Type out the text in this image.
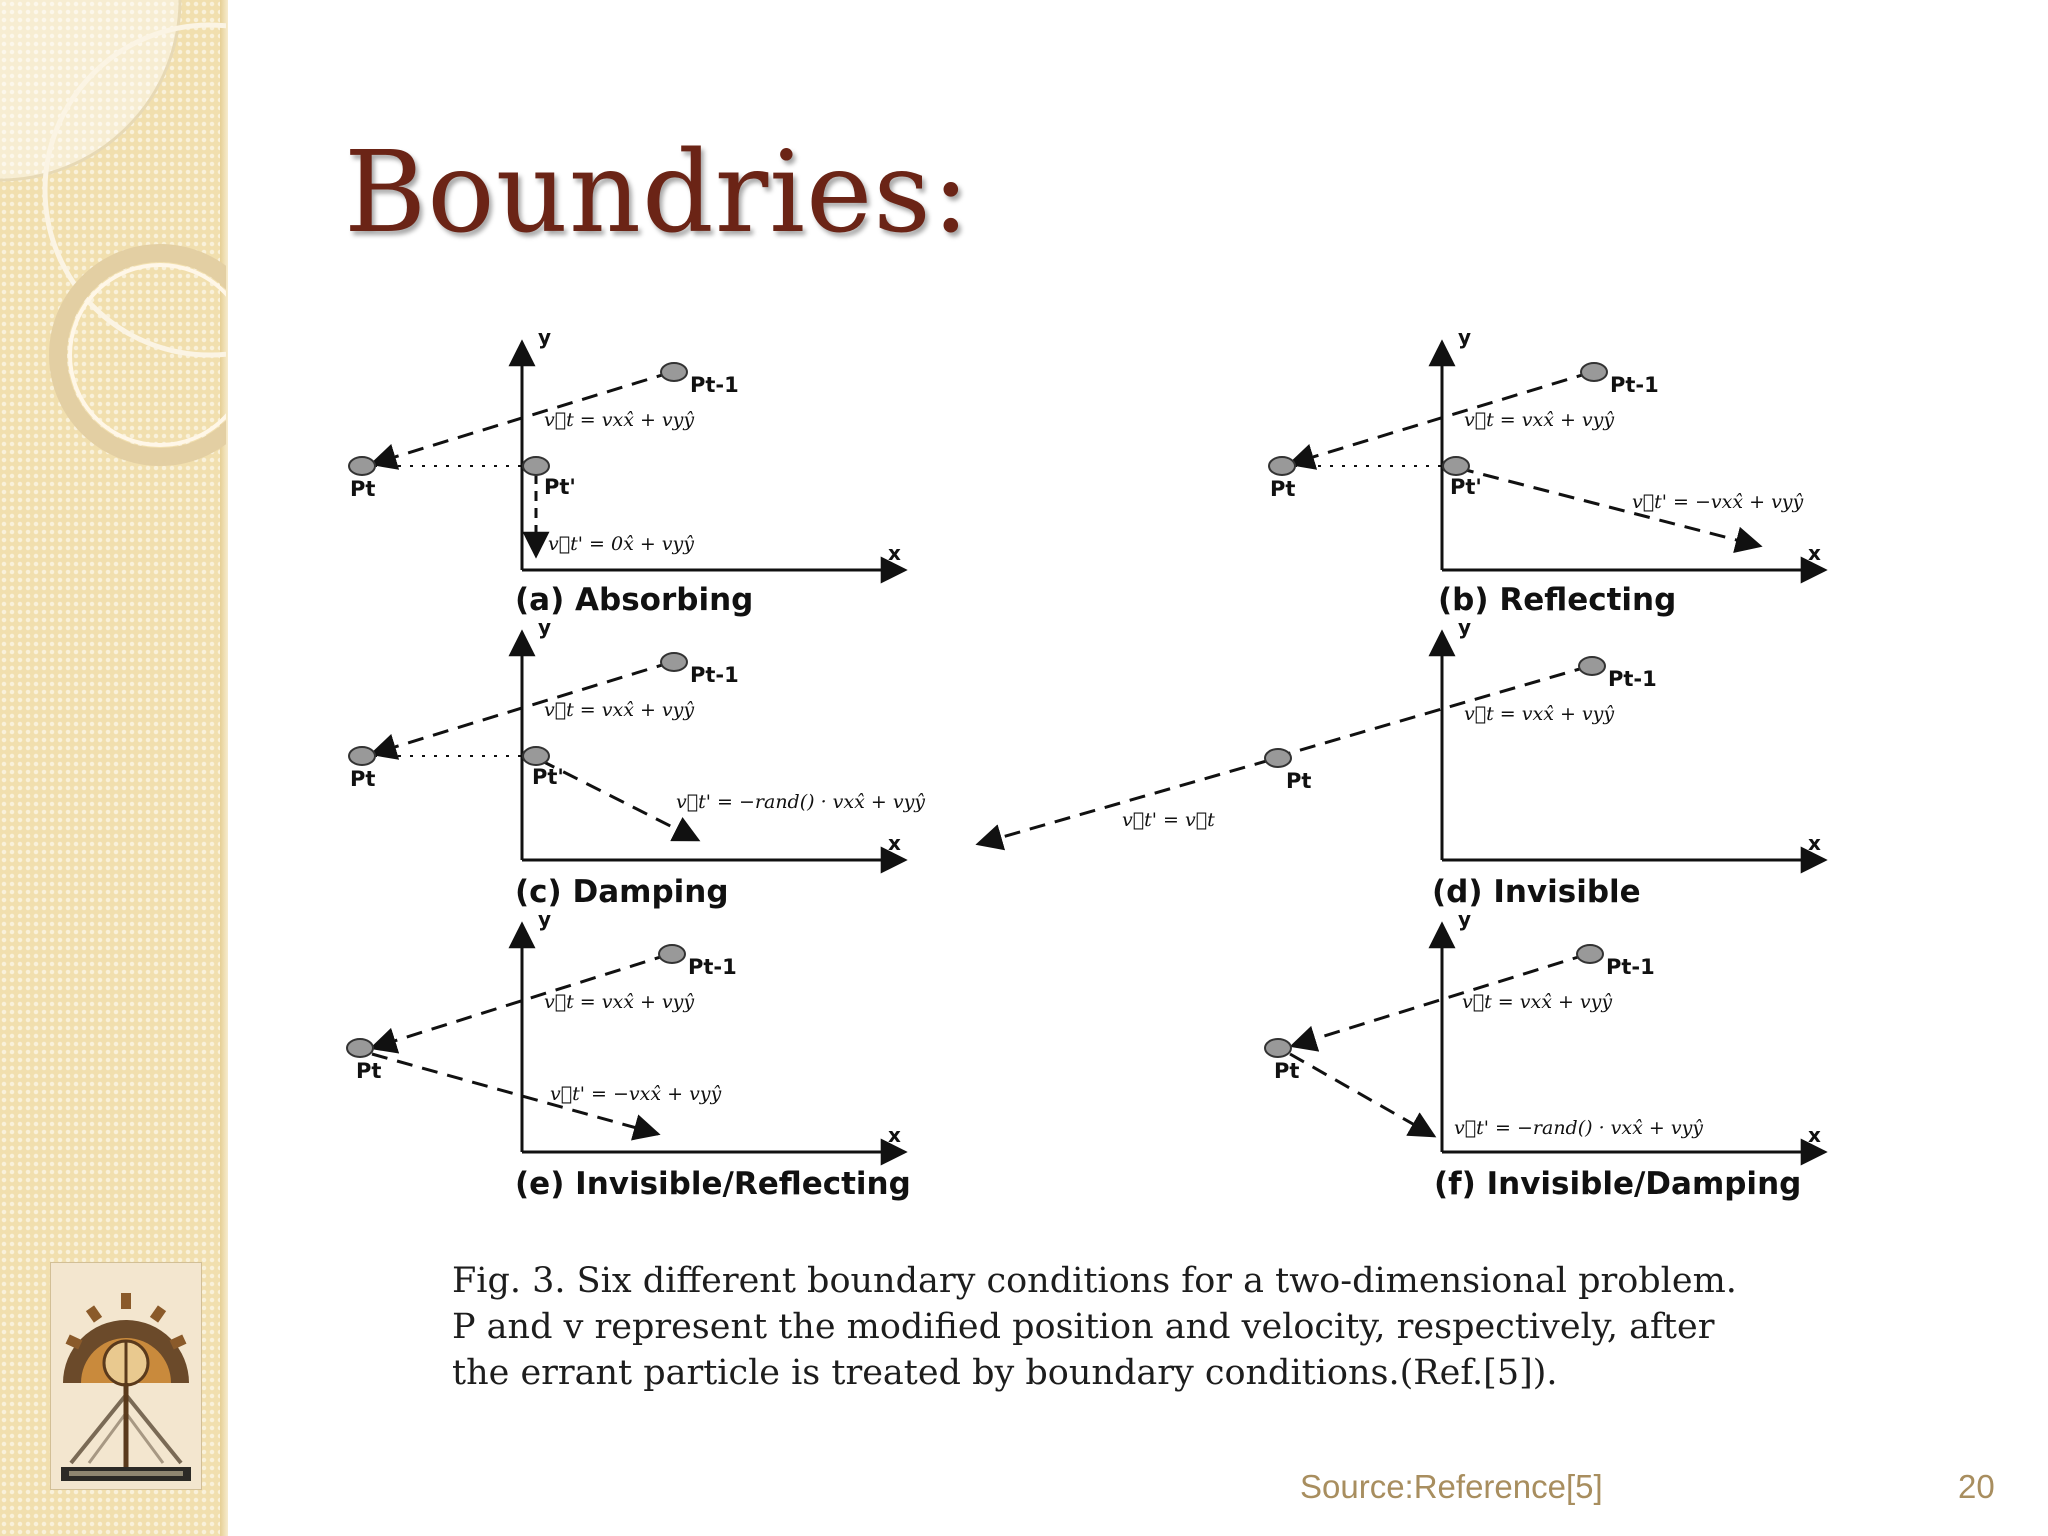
Boundries:
y
x
Pt-1
Pt	Pt'
v⃗t = vxx̂ + vyŷ
v⃗t' = 0x̂ + vyŷ
(a) Absorbing
y
x
Pt-1
Pt	Pt'
v⃗t = vxx̂ + vyŷ
v⃗t' = −vxx̂ + vyŷ
(b) Reflecting
y
x
Pt-1
Pt	Pt'
v⃗t = vxx̂ + vyŷ
v⃗t' = −rand() · vxx̂ + vyŷ
(c) Damping
y
x
Pt-1
Pt
v⃗t = vxx̂ + vyŷ
v⃗t' = v⃗t
(d) Invisible
y
x
Pt-1
Pt
v⃗t = vxx̂ + vyŷ
v⃗t' = −vxx̂ + vyŷ
(e) Invisible/Reflecting
y
x
Pt-1
Pt
v⃗t = vxx̂ + vyŷ
v⃗t' = −rand() · vxx̂ + vyŷ
(f) Invisible/Damping
Fig. 3. Six different boundary conditions for a two-dimensional problem.
P and v represent the modified position and velocity, respectively, after
the errant particle is treated by boundary conditions.(Ref.[5]).
Source:Reference[5]	20
